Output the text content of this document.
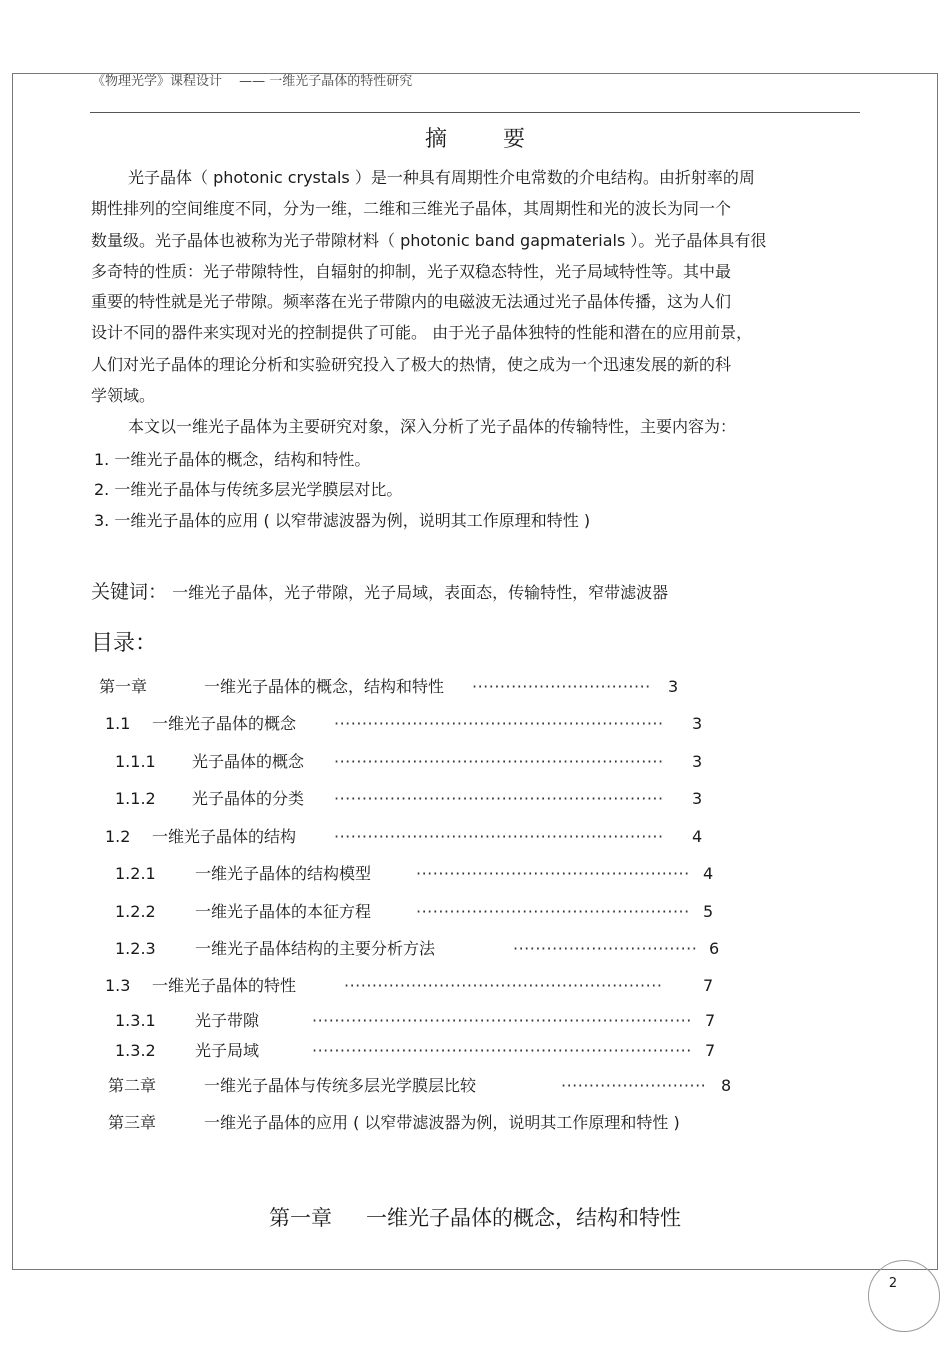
《物理光学》课程设计　 —— 一维光子晶体的特性研究
摘要
光子晶体（ photonic crystals ）是一种具有周期性介电常数的介电结构。由折射率的周
期性排列的空间维度不同，分为一维，二维和三维光子晶体，其周期性和光的波长为同一个
数量级。光子晶体也被称为光子带隙材料（ photonic band gapmaterials ）。光子晶体具有很
多奇特的性质：光子带隙特性，自辐射的抑制，光子双稳态特性，光子局域特性等。其中最
重要的特性就是光子带隙。频率落在光子带隙内的电磁波无法通过光子晶体传播，这为人们
设计不同的器件来实现对光的控制提供了可能。 由于光子晶体独特的性能和潜在的应用前景，
人们对光子晶体的理论分析和实验研究投入了极大的热情，使之成为一个迅速发展的新的科
学领域。
本文以一维光子晶体为主要研究对象，深入分析了光子晶体的传输特性，主要内容为：
1. 一维光子晶体的概念，结构和特性。
2. 一维光子晶体与传统多层光学膜层对比。
3. 一维光子晶体的应用 ( 以窄带滤波器为例，说明其工作原理和特性 )
关键词： 一维光子晶体，光子带隙，光子局域，表面态，传输特性，窄带滤波器
目录：
第一章	一维光子晶体的概念，结构和特性 ································ 3
1.1 一维光子晶体的概念 ··························································· 3
1.1.1 光子晶体的概念 ··························································· 3
1.1.2 光子晶体的分类 ··························································· 3
1.2 一维光子晶体的结构 ··························································· 4
1.2.1 一维光子晶体的结构模型	················································· 4
1.2.2 一维光子晶体的本征方程	················································· 5
1.2.3 一维光子晶体结构的主要分析方法	································· 6
1.3 一维光子晶体的特性	·························································	7
1.3.1 光子带隙	···································································· 7
1.3.2 光子局域	···································································· 7
第二章	一维光子晶体与传统多层光学膜层比较	·························· 8
第三章	一维光子晶体的应用 ( 以窄带滤波器为例，说明其工作原理和特性 )
第一章 一维光子晶体的概念，结构和特性
2
